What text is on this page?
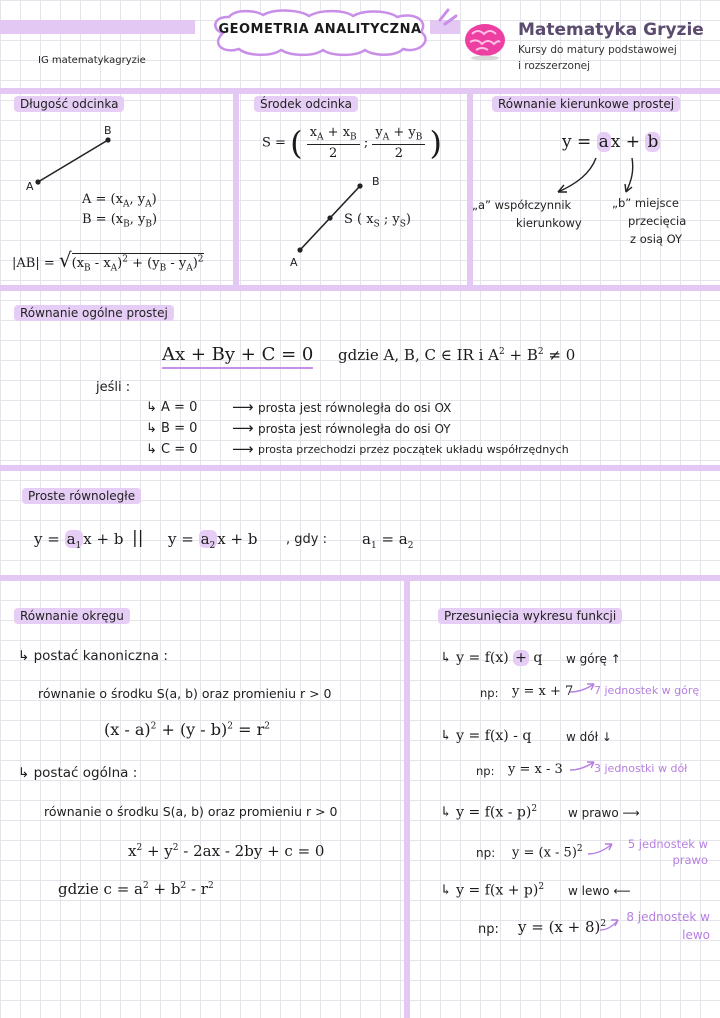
GEOMETRIA ANALITYCZNA
IG matematykagryzie
Matematyka Gryzie
Kursy do matury podstawowej
i rozszerzonej
Długość odcinka
A
B
$A = (x_A$, $y_A$)
$B = (x_B$, $y_B$)
$|AB| = √(x_B - x_A)^2 + (y_B - y_A)^2$
Środek odcinka
S = ( $\frac{x_A + x_B}{2}$ ; $\frac{y_A + y_B}{2}$ )
B
A
S ( $x_S$ ; $y_S$)
Równanie kierunkowe prostej
y = a x + b
„a” współczynnik
kierunkowy
„b” miejsce
przecięcia
z osią OY
Równanie ogólne prostej
Ax + By + C = 0 gdzie A, B, C ∈ IR i $A^2 + B^2 \ne 0$
jeśli :
↳ A = 0 ⟶ prosta jest równoległa do osi OX
↳ B = 0 ⟶ prosta jest równoległa do osi OY
↳ C = 0 ⟶ prosta przechodzi przez początek układu współrzędnych
Proste równoległe
$y = a_1$ x + b || $y = a_2$ x + b , gdy : $a_1 = a_2$
Równanie okręgu
↳ postać kanoniczna :
równanie o środku S(a, b) oraz promieniu r > 0
$(x - a)^2 + (y - b)^2 = r^2$
↳ postać ogólna :
równanie o środku S(a, b) oraz promieniu r > 0
$x^2 + y^2 - 2ax - 2by + c = 0$
gdzie $c = a^2 + b^2 - r^2$
Przesunięcia wykresu funkcji
↳ y = f(x) + q w górę ↑
np: y = x + 7 7 jednostek w górę
↳ y = f(x) - q	w dół ↓
np: y = x - 3	3 jednostki w dół
↳ y = f(x - p)$^2$	w prawo ⟶
np: y = (x - 5)$^2$	5 jednostek w prawo
↳ $y = f(x + p)^2$ w lewo ⟵
np: $y = (x + 8)^2$	8 jednostek w lewo
